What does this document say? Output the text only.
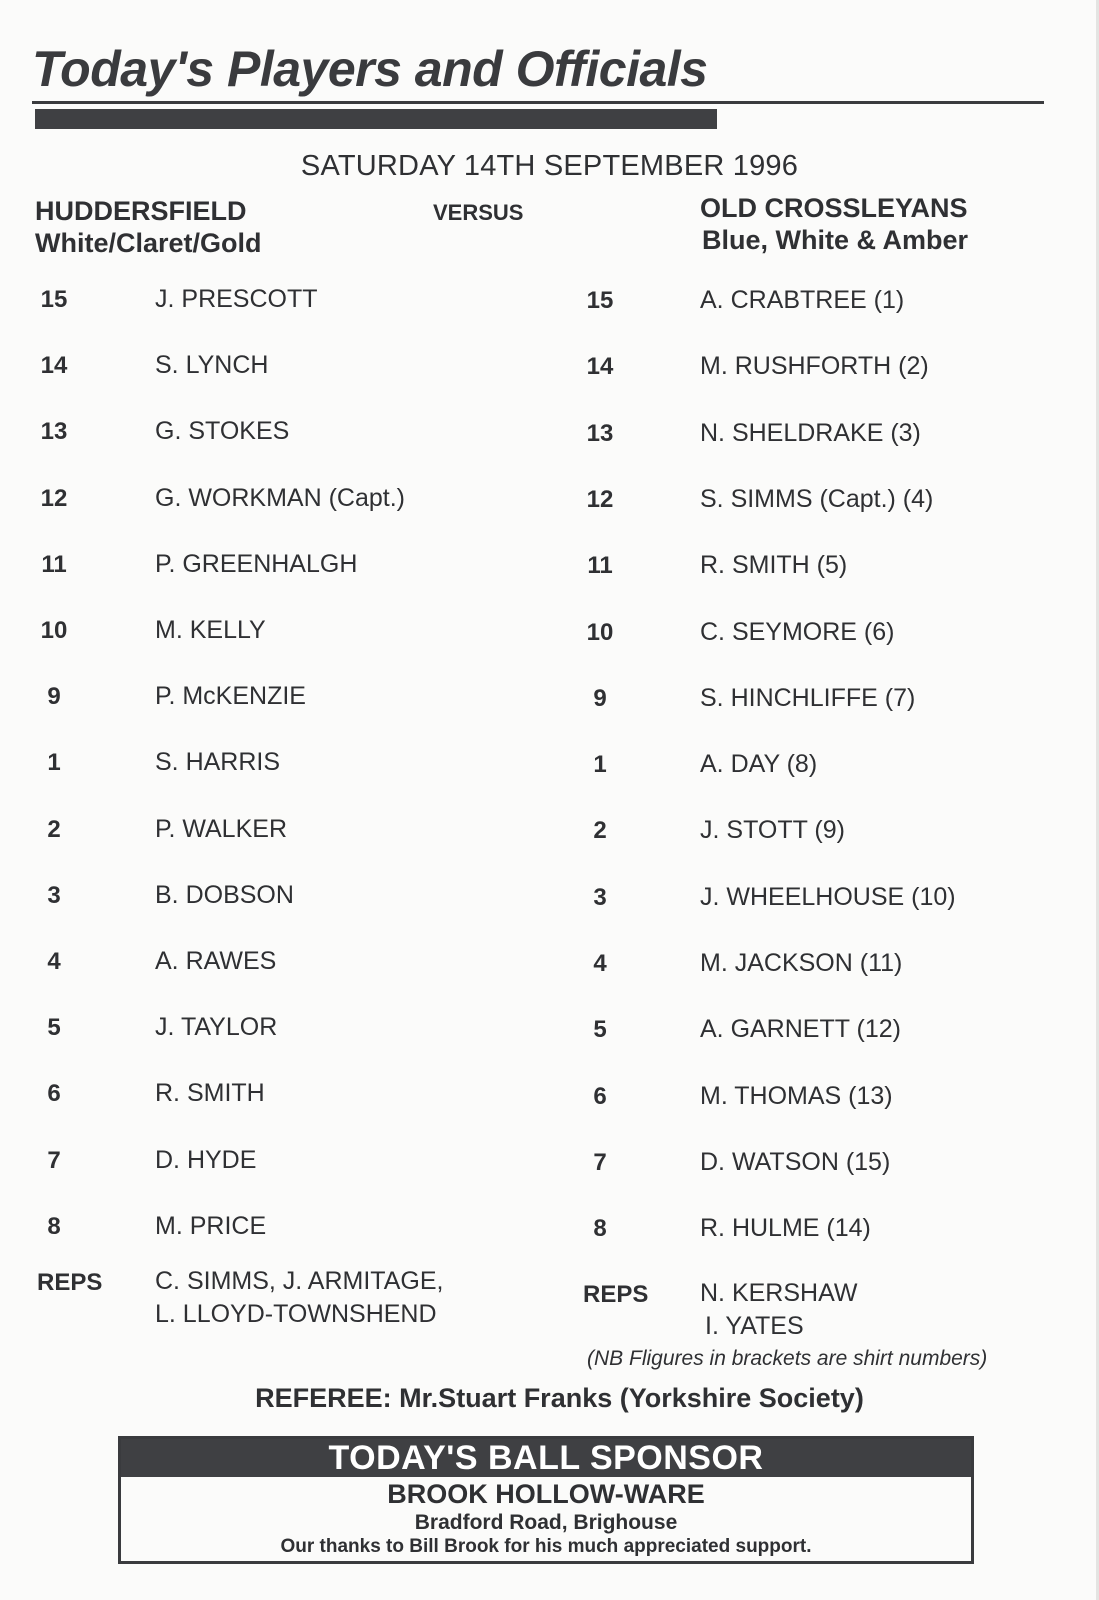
Today's Players and Officials
SATURDAY 14TH SEPTEMBER 1996
HUDDERSFIELD
White/Claret/Gold
VERSUS	OLD CROSSLEYANS
Blue, White & Amber
15	J. PRESCOTT
14	S. LYNCH
13	G. STOKES
12	G. WORKMAN (Capt.)
11	P. GREENHALGH
10	M. KELLY
9	P. McKENZIE
1	S. HARRIS
2	P. WALKER
3	B. DOBSON
4	A. RAWES
5	J. TAYLOR
6	R. SMITH
7	D. HYDE
8	M. PRICE
15	A. CRABTREE (1)
14	M. RUSHFORTH (2)
13	N. SHELDRAKE (3)
12	S. SIMMS (Capt.) (4)
11	R. SMITH (5)
10	C. SEYMORE (6)
9	S. HINCHLIFFE (7)
1	A. DAY (8)
2	J. STOTT (9)
3	J. WHEELHOUSE (10)
4	M. JACKSON (11)
5	A. GARNETT (12)
6	M. THOMAS (13)
7	D. WATSON (15)
8	R. HULME (14)
REPS C. SIMMS, J. ARMITAGE,
L. LLOYD-TOWNSHEND
REPS N. KERSHAW
I. YATES
(NB Fligures in brackets are shirt numbers)
REFEREE: Mr.Stuart Franks (Yorkshire Society)
TODAY'S BALL SPONSOR
BROOK HOLLOW-WARE
Bradford Road, Brighouse
Our thanks to Bill Brook for his much appreciated support.
